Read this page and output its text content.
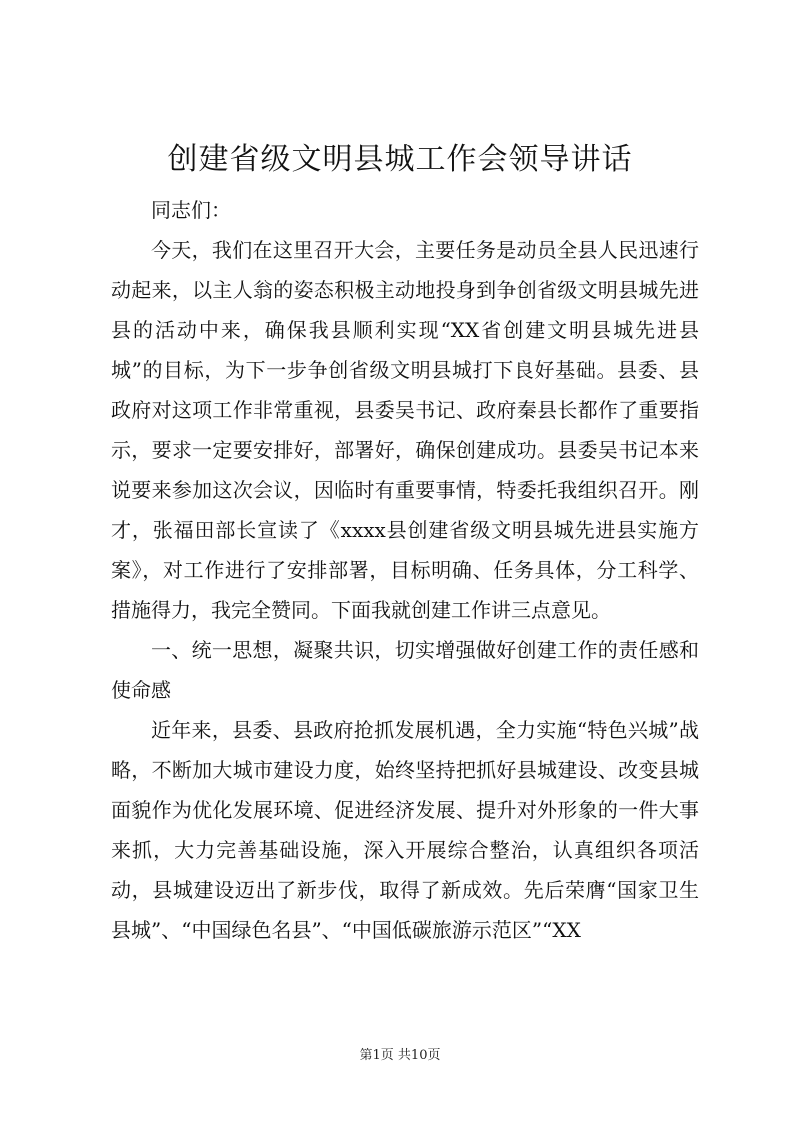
创建省级文明县城工作会领导讲话

同志们：

今天，我们在这里召开大会，主要任务是动员全县人民迅速行动起来，以主人翁的姿态积极主动地投身到争创省级文明县城先进县的活动中来，确保我县顺利实现“XX省创建文明县城先进县城”的目标，为下一步争创省级文明县城打下良好基础。县委、县政府对这项工作非常重视，县委吴书记、政府秦县长都作了重要指示，要求一定要安排好，部署好，确保创建成功。县委吴书记本来说要来参加这次会议，因临时有重要事情，特委托我组织召开。刚才，张福田部长宣读了《xxxx县创建省级文明县城先进县实施方案》，对工作进行了安排部署，目标明确、任务具体，分工科学、措施得力，我完全赞同。下面我就创建工作讲三点意见。

一、统一思想，凝聚共识，切实增强做好创建工作的责任感和使命感

近年来，县委、县政府抢抓发展机遇，全力实施“特色兴城”战略，不断加大城市建设力度，始终坚持把抓好县城建设、改变县城面貌作为优化发展环境、促进经济发展、提升对外形象的一件大事来抓，大力完善基础设施，深入开展综合整治，认真组织各项活动，县城建设迈出了新步伐，取得了新成效。先后荣膺“国家卫生县城”、“中国绿色名县”、“中国低碳旅游示范区”“XX

第1页 共10页
